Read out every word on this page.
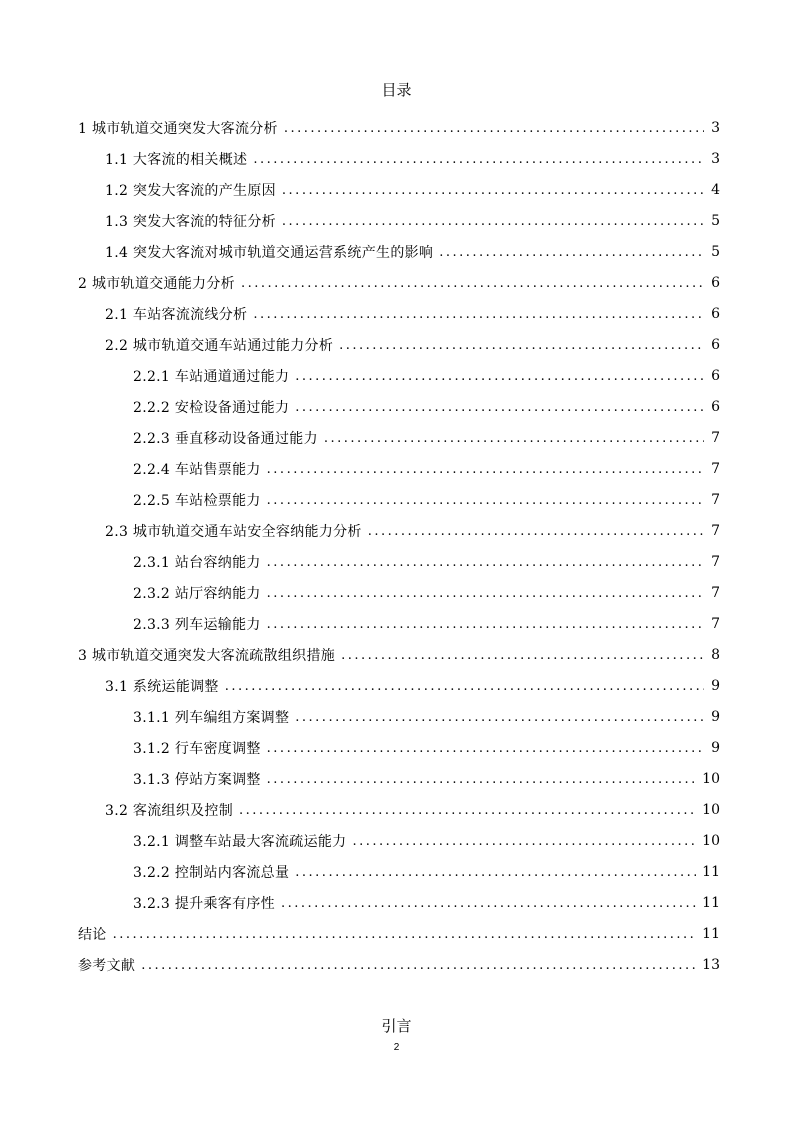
目录
1 城市轨道交通突发大客流分析 .....	3
1.1 大客流的相关概述 .....	3
1.2 突发大客流的产生原因 .....	4
1.3 突发大客流的特征分析 .....	5
1.4 突发大客流对城市轨道交通运营系统产生的影响 .....	5
2 城市轨道交通能力分析 .....	6
2.1 车站客流流线分析 .....	6
2.2 城市轨道交通车站通过能力分析 .....	6
2.2.1 车站通道通过能力 .....	6
2.2.2 安检设备通过能力 .....	6
2.2.3 垂直移动设备通过能力 .....	7
2.2.4 车站售票能力 .....	7
2.2.5 车站检票能力 .....	7
2.3 城市轨道交通车站安全容纳能力分析 .....	7
2.3.1 站台容纳能力 .....	7
2.3.2 站厅容纳能力 .....	7
2.3.3 列车运输能力 .....	7
3 城市轨道交通突发大客流疏散组织措施 .....	8
3.1 系统运能调整 .....	9
3.1.1 列车编组方案调整 .....	9
3.1.2 行车密度调整 .....	9
3.1.3 停站方案调整 .....	10
3.2 客流组织及控制 .....	10
3.2.1 调整车站最大客流疏运能力 .....	10
3.2.2 控制站内客流总量 .....	11
3.2.3 提升乘客有序性 .....	11
结论 .....	11
参考文献 .....	13
引言
2
